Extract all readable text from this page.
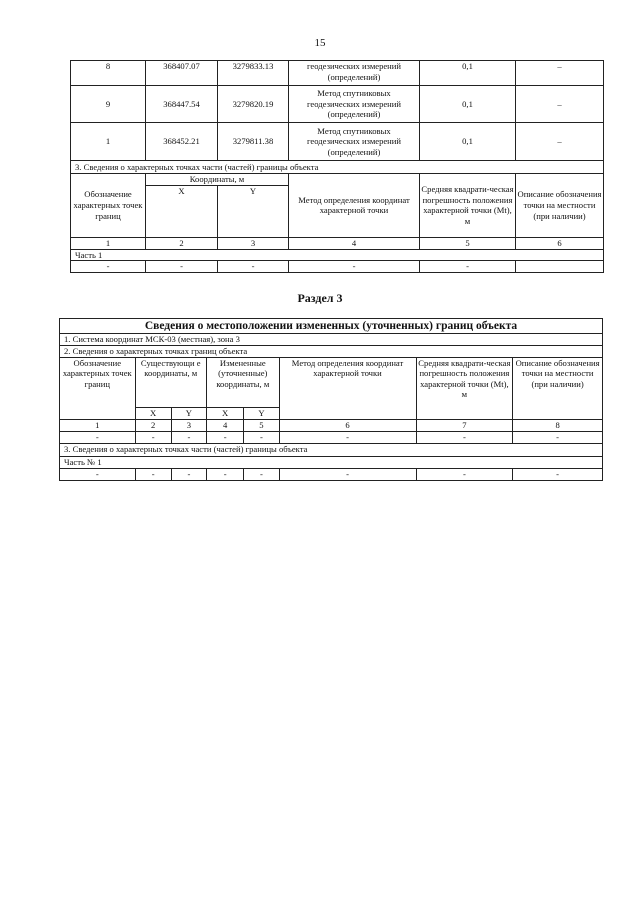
15
8	368407.07	3279833.13	геодезических измерений (определений)	0,1	–
9	368447.54	3279820.19	Метод спутниковых геодезических измерений (определений)	0,1	–
1	368452.21	3279811.38	Метод спутниковых геодезических измерений (определений)	0,1	–
3. Сведения о характерных точках части (частей) границы объекта					
Обозначение характерных точек границ	Координаты, м		Метод определения координат характерной точки	Средняя квадрати-ческая погрешность положения характерной точки (Mt), м	Описание обозначения точки на местности (при наличии)
	X	Y			
1	2	3	4	5	6
Часть 1					
-	-	-	-	-	
Раздел 3
Сведения о местоположении измененных (уточненных) границ объекта							
1. Система координат МСК-03 (местная), зона 3							
2. Сведения о характерных точках границ объекта							
Обозначение характерных точек границ	Существующи е координаты, м		Измененные (уточненные) координаты, м		Метод определения координат характерной точки	Средняя квадрати-ческая погрешность положения характерной точки (Mt), м	Описание обозначения точки на местности (при наличии)
	X	Y	X	Y			
1	2	3	4	5	6	7	8
-	-	-	-	-	-	-	-
3. Сведения о характерных точках части (частей) границы объекта							
Часть № 1							
-	-	-	-	-	-	-	-
